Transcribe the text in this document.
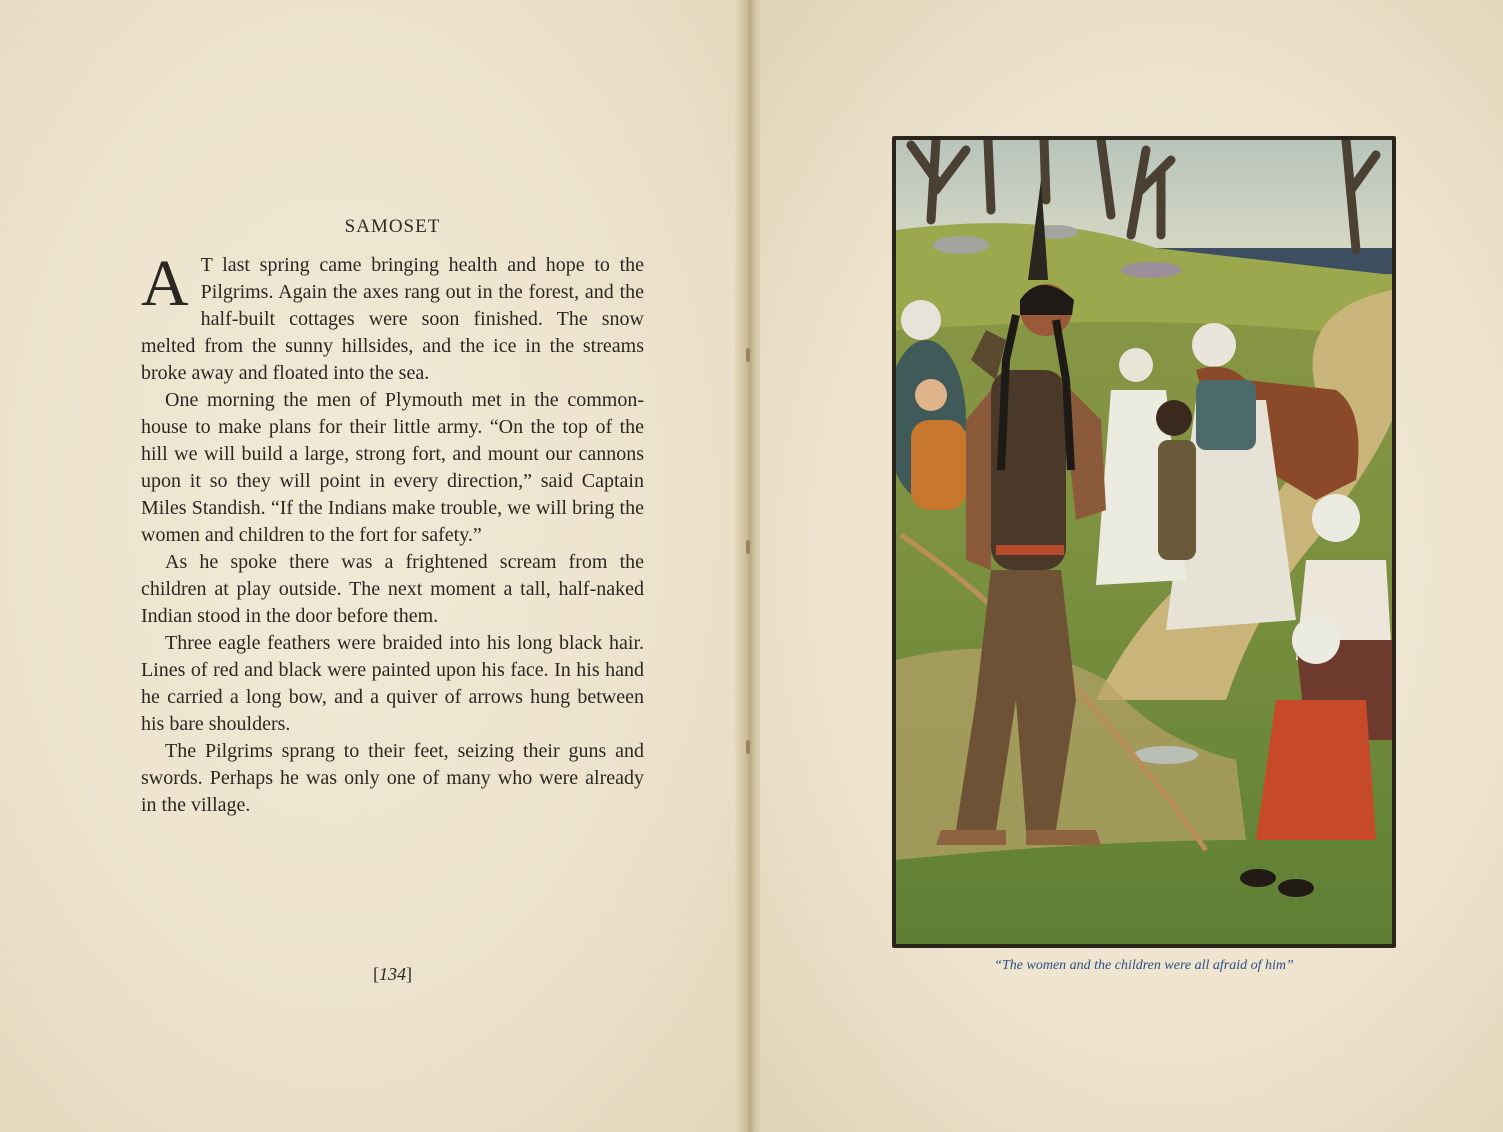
SAMOSET

A T last spring came bringing health and hope to the Pilgrims. Again the axes rang out in the forest, and the half-built cottages were soon finished. The snow melted from the sunny hillsides, and the ice in the streams broke away and floated into the sea.

One morning the men of Plymouth met in the common-house to make plans for their little army. “On the top of the hill we will build a large, strong fort, and mount our cannons upon it so they will point in every direction,” said Captain Miles Standish. “If the Indians make trouble, we will bring the women and children to the fort for safety.”

As he spoke there was a frightened scream from the children at play outside. The next moment a tall, half-naked Indian stood in the door before them.

Three eagle feathers were braided into his long black hair. Lines of red and black were painted upon his face. In his hand he carried a long bow, and a quiver of arrows hung between his bare shoulders.

The Pilgrims sprang to their feet, seizing their guns and swords. Perhaps he was only one of many who were already in the village.

[134]	“The women and the children were all afraid of him”
